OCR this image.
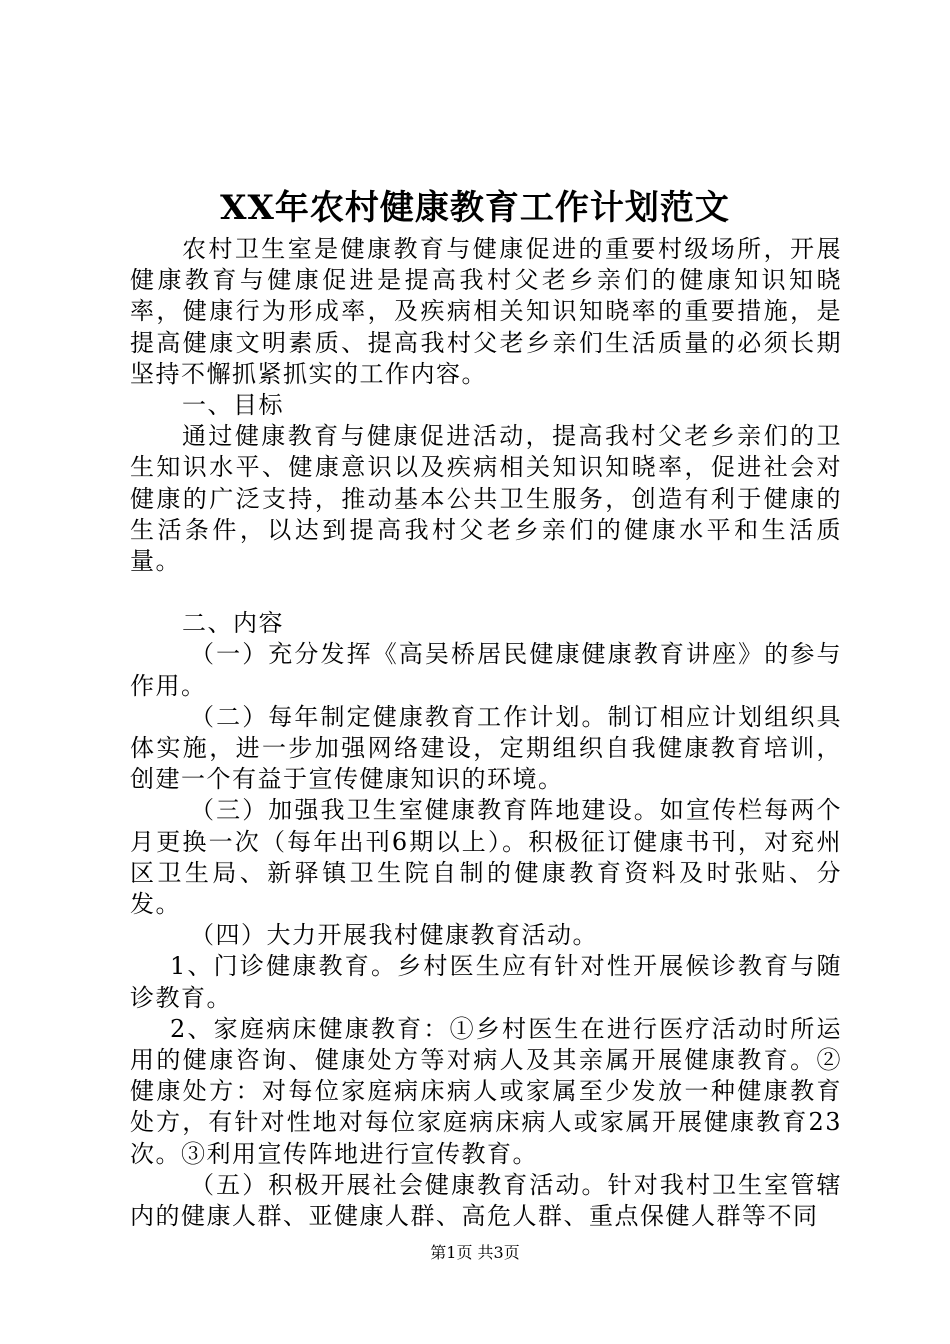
XX年农村健康教育工作计划范文

农村卫生室是健康教育与健康促进的重要村级场所，开展健康教育与健康促进是提高我村父老乡亲们的健康知识知晓率，健康行为形成率，及疾病相关知识知晓率的重要措施，是提高健康文明素质、提高我村父老乡亲们生活质量的必须长期坚持不懈抓紧抓实的工作内容。

一、目标

通过健康教育与健康促进活动，提高我村父老乡亲们的卫生知识水平、健康意识以及疾病相关知识知晓率，促进社会对健康的广泛支持，推动基本公共卫生服务，创造有利于健康的生活条件，以达到提高我村父老乡亲们的健康水平和生活质量。

二、内容

（一）充分发挥《高吴桥居民健康健康教育讲座》的参与作用。

（二）每年制定健康教育工作计划。制订相应计划组织具体实施，进一步加强网络建设，定期组织自我健康教育培训，创建一个有益于宣传健康知识的环境。

（三）加强我卫生室健康教育阵地建设。如宣传栏每两个月更换一次（每年出刊6期以上）。积极征订健康书刊，对兖州区卫生局、新驿镇卫生院自制的健康教育资料及时张贴、分发。

（四）大力开展我村健康教育活动。

1、门诊健康教育。乡村医生应有针对性开展候诊教育与随诊教育。

2、家庭病床健康教育：①乡村医生在进行医疗活动时所运用的健康咨询、健康处方等对病人及其亲属开展健康教育。②健康处方：对每位家庭病床病人或家属至少发放一种健康教育处方，有针对性地对每位家庭病床病人或家属开展健康教育23次。③利用宣传阵地进行宣传教育。

（五）积极开展社会健康教育活动。针对我村卫生室管辖内的健康人群、亚健康人群、高危人群、重点保健人群等不同

第1页 共3页
